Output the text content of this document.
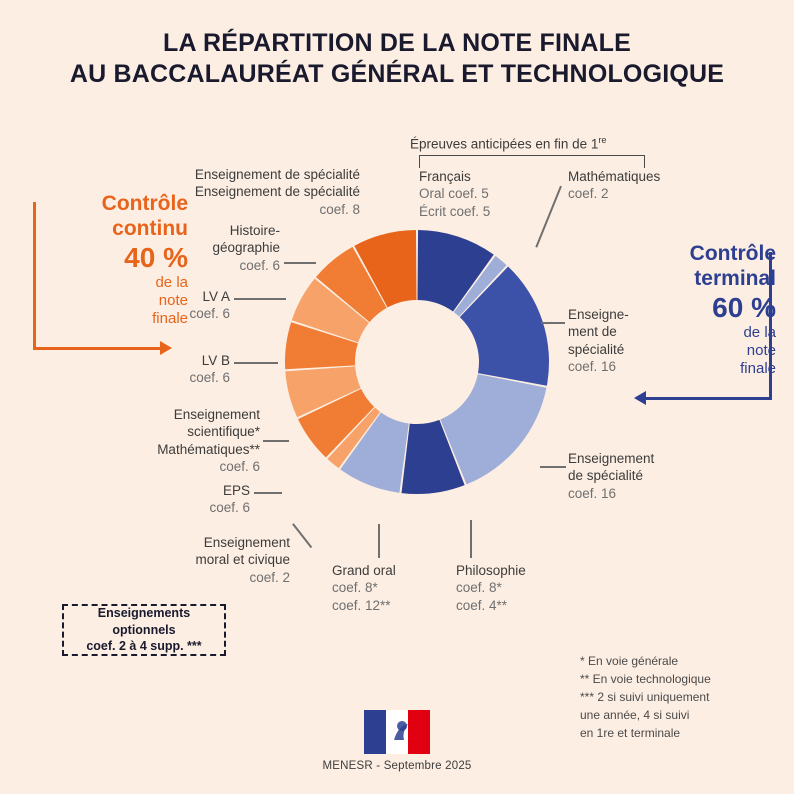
LA RÉPARTITION DE LA NOTE FINALE
AU BACCALAURÉAT GÉNÉRAL ET TECHNOLOGIQUE
Contrôle
continu
40 %
de la
note
finale
Contrôle
terminal
60 %
de la
note
finale
Épreuves anticipées en fin de 1re
Français
Oral coef. 5
Écrit coef. 5
Mathématiques
coef. 2
Enseigne-
ment de
spécialité
coef. 16
Enseignement
de spécialité
coef. 16
Philosophie
coef. 8*
coef. 4**
Grand oral
coef. 8*
coef. 12**
Enseignement
moral et civique
coef. 2
EPS
coef. 6
Enseignement
scientifique*
Mathématiques**
coef. 6
LV B
coef. 6
LV A
coef. 6
Histoire-
géographie
coef. 6
Enseignement de spécialité
Enseignement de spécialité
coef. 8
Enseignements
optionnels
coef. 2 à 4 supp. ***
* En voie générale
** En voie technologique
*** 2 si suivi uniquement
une année, 4 si suivi
en 1re et terminale
MENESR - Septembre 2025
